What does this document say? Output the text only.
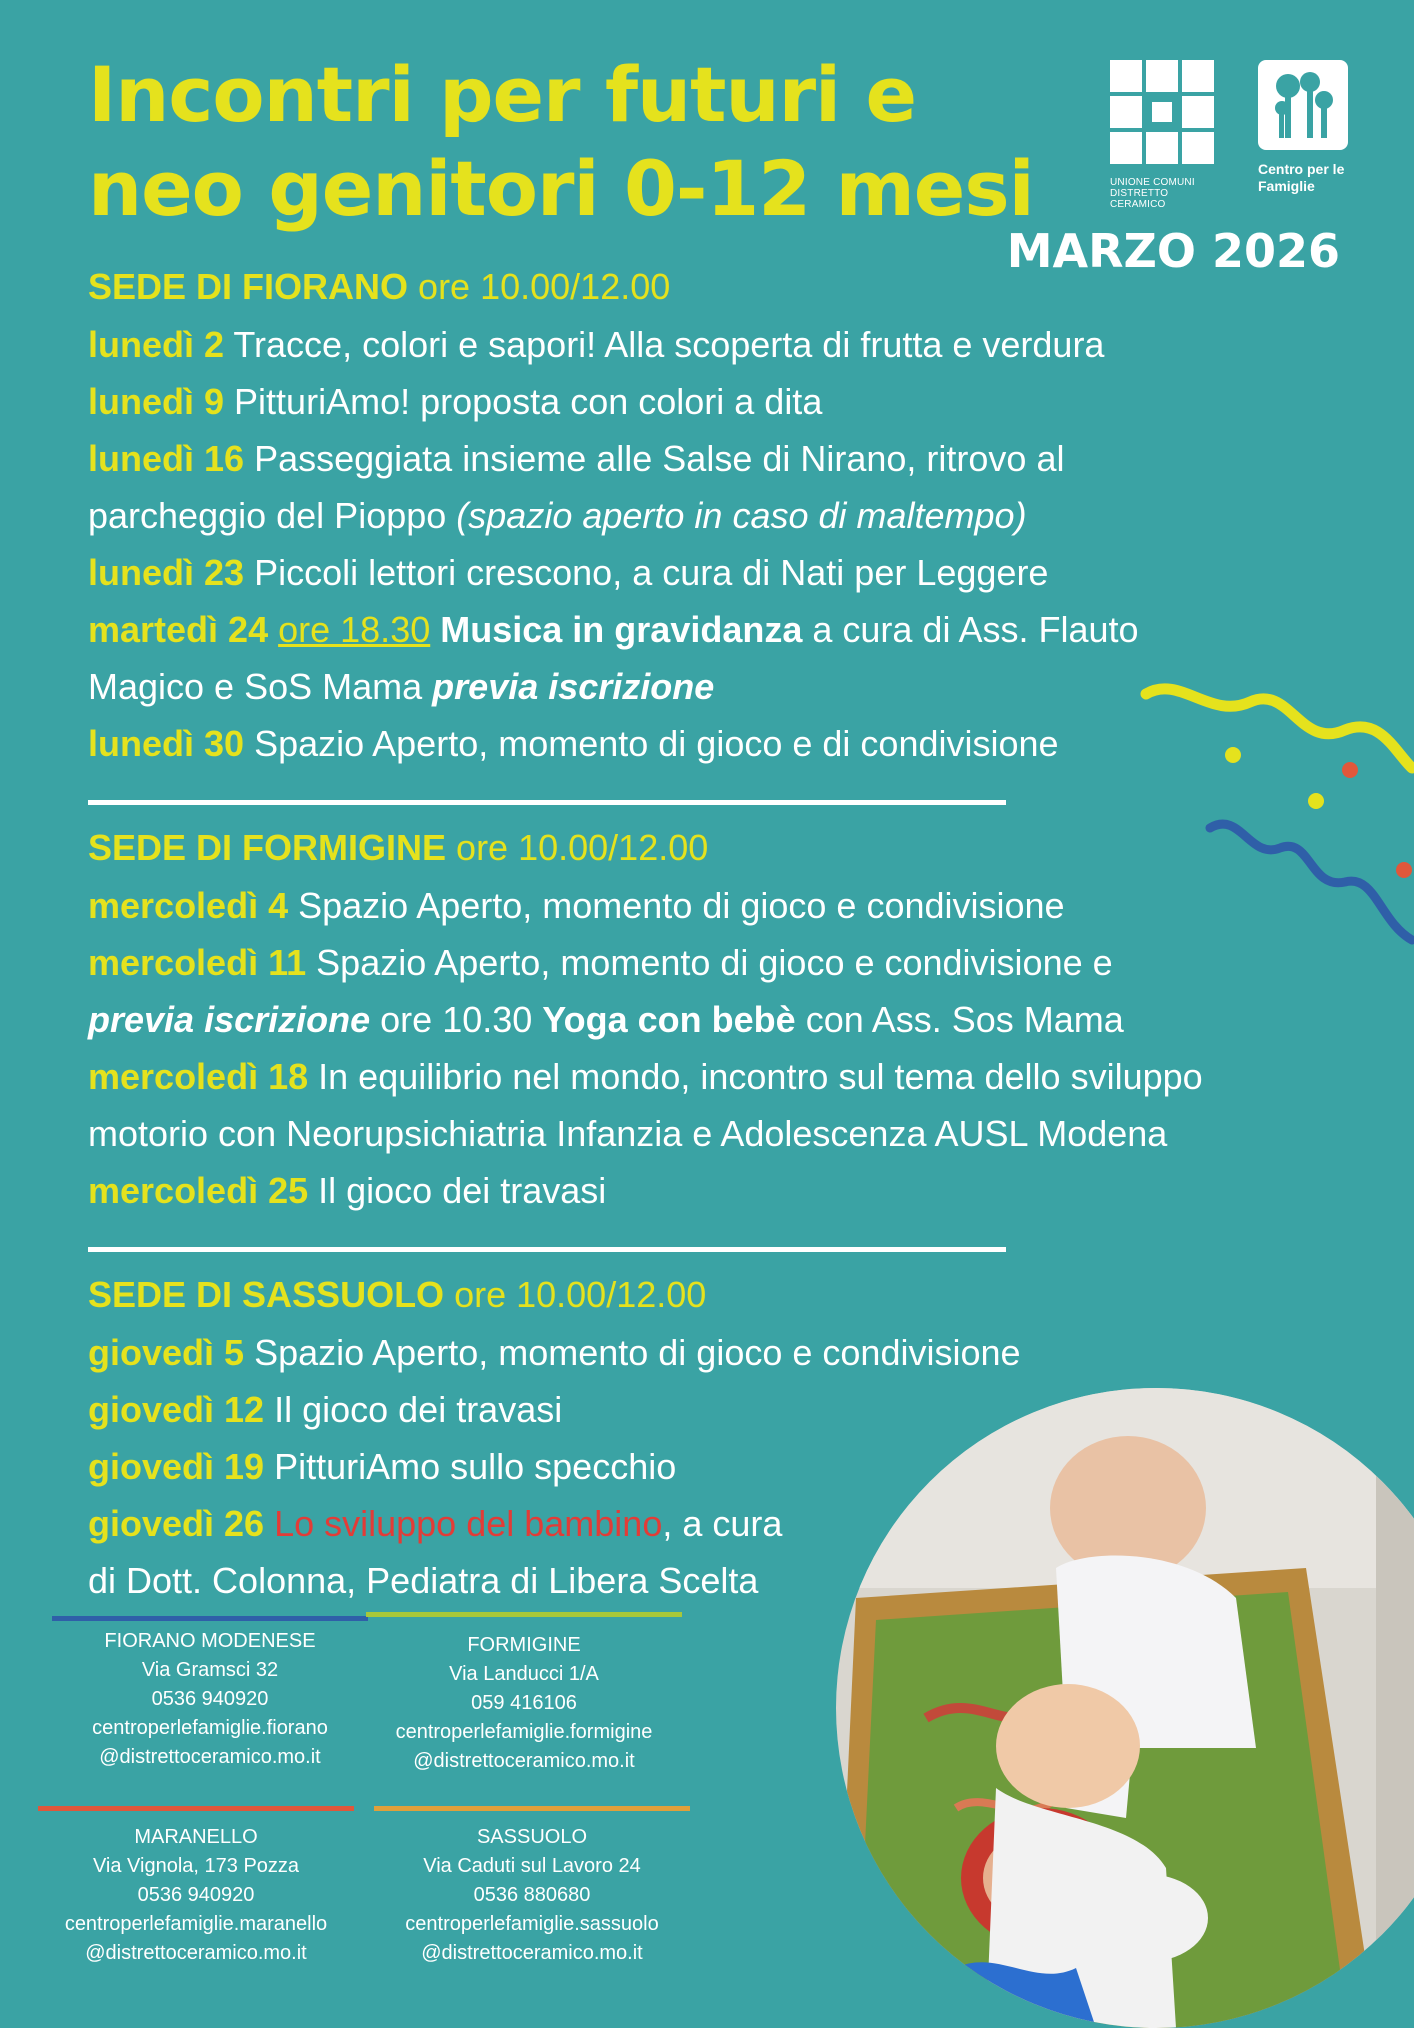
Incontri per futuri e
neo genitori 0-12 mesi	UNIONE COMUNI
DISTRETTO CERAMICO
Centro per le
Famiglie
MARZO 2026
SEDE DI FIORANO ore 10.00/12.00
lunedì 2 Tracce, colori e sapori! Alla scoperta di frutta e verdura
lunedì 9 PitturiAmo! proposta con colori a dita
lunedì 16 Passeggiata insieme alle Salse di Nirano, ritrovo al
parcheggio del Pioppo (spazio aperto in caso di maltempo)
lunedì 23 Piccoli lettori crescono, a cura di Nati per Leggere
martedì 24 ore 18.30 Musica in gravidanza a cura di Ass. Flauto
Magico e SoS Mama previa iscrizione
lunedì 30 Spazio Aperto, momento di gioco e di condivisione
SEDE DI FORMIGINE ore 10.00/12.00
mercoledì 4 Spazio Aperto, momento di gioco e condivisione
mercoledì 11 Spazio Aperto, momento di gioco e condivisione e
previa iscrizione ore 10.30 Yoga con bebè con Ass. Sos Mama
mercoledì 18 In equilibrio nel mondo, incontro sul tema dello sviluppo
motorio con Neorupsichiatria Infanzia e Adolescenza AUSL Modena
mercoledì 25 Il gioco dei travasi
SEDE DI SASSUOLO ore 10.00/12.00
giovedì 5 Spazio Aperto, momento di gioco e condivisione
giovedì 12 Il gioco dei travasi
giovedì 19 PitturiAmo sullo specchio
giovedì 26 Lo sviluppo del bambino, a cura
di Dott. Colonna, Pediatra di Libera Scelta
FIORANO MODENESE
Via Gramsci 32
0536 940920
centroperlefamiglie.fiorano
@distrettoceramico.mo.it
FORMIGINE
Via Landucci 1/A
059 416106
centroperlefamiglie.formigine
@distrettoceramico.mo.it
MARANELLO
Via Vignola, 173 Pozza
0536 940920
centroperlefamiglie.maranello
@distrettoceramico.mo.it
SASSUOLO
Via Caduti sul Lavoro 24
0536 880680
centroperlefamiglie.sassuolo
@distrettoceramico.mo.it
